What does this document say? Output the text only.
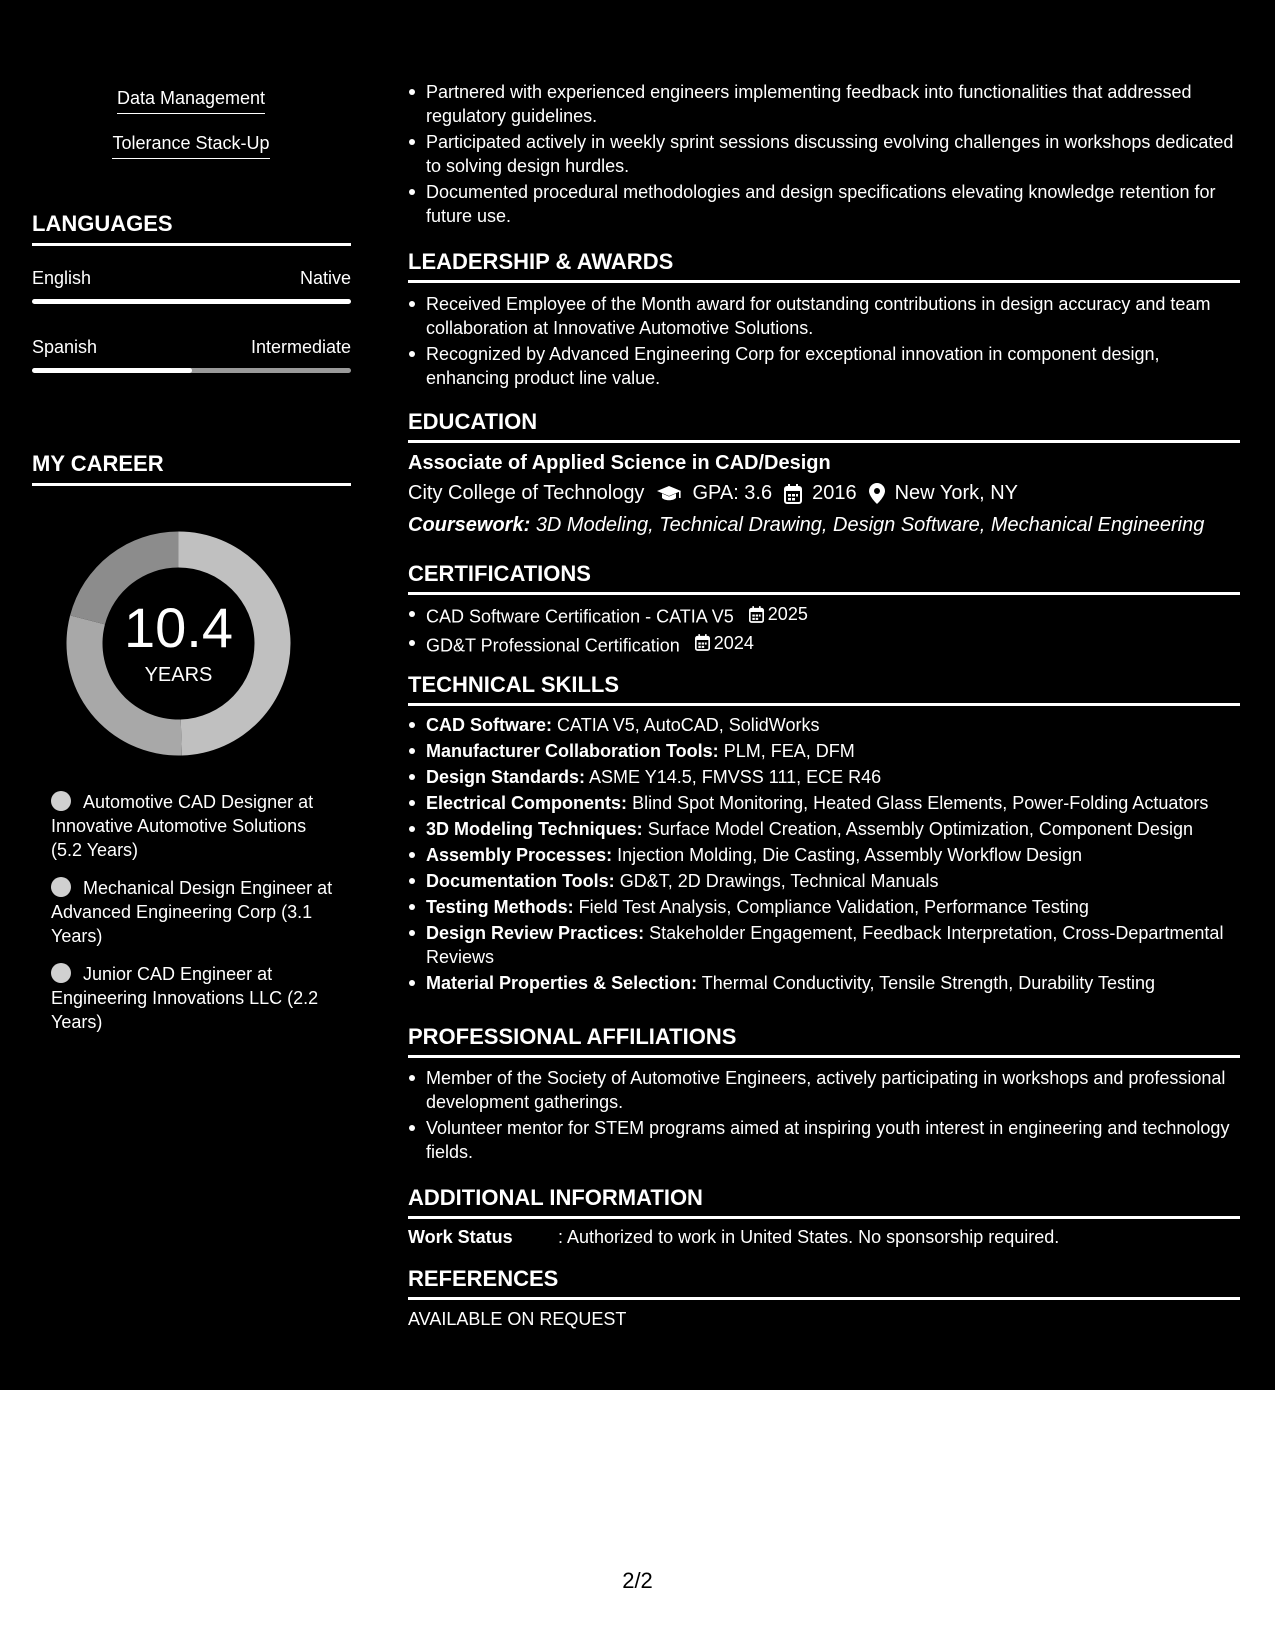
Data Management
Tolerance Stack-Up
LANGUAGES
English	Native
Spanish	Intermediate
MY CAREER
10.4
YEARS
Automotive CAD Designer at Innovative Automotive Solutions (5.2 Years)
Mechanical Design Engineer at Advanced Engineering Corp (3.1 Years)
Junior CAD Engineer at Engineering Innovations LLC (2.2 Years)
Partnered with experienced engineers implementing feedback into functionalities that addressed regulatory guidelines.
Participated actively in weekly sprint sessions discussing evolving challenges in workshops dedicated to solving design hurdles.
Documented procedural methodologies and design specifications elevating knowledge retention for future use.
LEADERSHIP & AWARDS
Received Employee of the Month award for outstanding contributions in design accuracy and team collaboration at Innovative Automotive Solutions.
Recognized by Advanced Engineering Corp for exceptional innovation in component design, enhancing product line value.
EDUCATION
Associate of Applied Science in CAD/Design
City College of Technology GPA: 3.6 2016 New York, NY
Coursework: 3D Modeling, Technical Drawing, Design Software, Mechanical Engineering
CERTIFICATIONS
CAD Software Certification - CATIA V5 2025
GD&T Professional Certification 2024
TECHNICAL SKILLS
CAD Software: CATIA V5, AutoCAD, SolidWorks
Manufacturer Collaboration Tools: PLM, FEA, DFM
Design Standards: ASME Y14.5, FMVSS 111, ECE R46
Electrical Components: Blind Spot Monitoring, Heated Glass Elements, Power-Folding Actuators
3D Modeling Techniques: Surface Model Creation, Assembly Optimization, Component Design
Assembly Processes: Injection Molding, Die Casting, Assembly Workflow Design
Documentation Tools: GD&T, 2D Drawings, Technical Manuals
Testing Methods: Field Test Analysis, Compliance Validation, Performance Testing
Design Review Practices: Stakeholder Engagement, Feedback Interpretation, Cross-Departmental Reviews
Material Properties & Selection: Thermal Conductivity, Tensile Strength, Durability Testing
PROFESSIONAL AFFILIATIONS
Member of the Society of Automotive Engineers, actively participating in workshops and professional development gatherings.
Volunteer mentor for STEM programs aimed at inspiring youth interest in engineering and technology fields.
ADDITIONAL INFORMATION
Work Status	: Authorized to work in United States. No sponsorship required.
REFERENCES
AVAILABLE ON REQUEST
2/2
